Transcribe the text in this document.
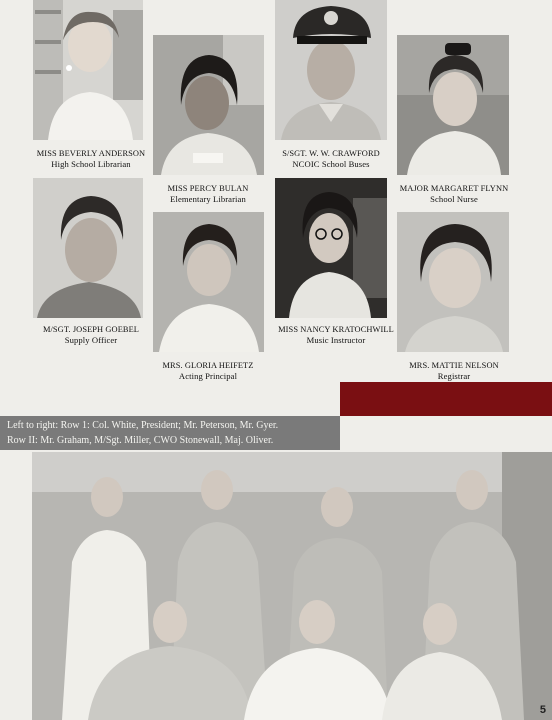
MISS BEVERLY ANDERSON
High School Librarian
MISS PERCY BULAN
Elementary Librarian
S/SGT. W. W. CRAWFORD
NCOIC School Buses
MAJOR MARGARET FLYNN
School Nurse
M/SGT. JOSEPH GOEBEL
Supply Officer
MRS. GLORIA HEIFETZ
Acting Principal
MISS NANCY KRATOCHWILL
Music Instructor
MRS. MATTIE NELSON
Registrar
Left to right: Row 1: Col. White, President; Mr. Peterson, Mr. Gyer.
Row II: Mr. Graham, M/Sgt. Miller, CWO Stonewall, Maj. Oliver.
5
